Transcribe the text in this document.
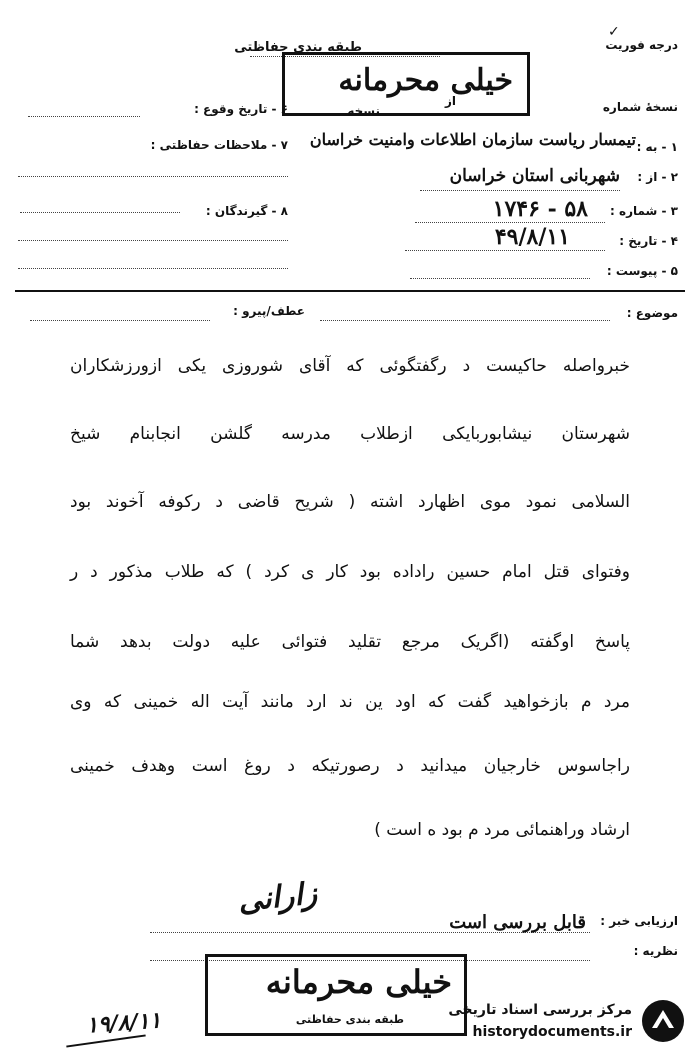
درجه فوریت
✓
طبقه بندی حفاظتی
خیلی محرمانه
نسخهٔ شماره
از
نسخه
۶ - تاریخ وقوع :
۷ - ملاحظات حفاظتی :
۸ - گیرندگان :
۱ - به :
تیمسار ریاست سازمان اطلاعات وامنیت خراسان
۲ - از :
شهربانی استان خراسان
۳ - شماره :
۵۸ - ۱۷۴۶
۴ - تاریخ :
۴۹/۸/۱۱
۵ - پیوست :
موضوع :
عطف/پیرو :
خبرواصله حاکیست د رگفتگوئی که آقای شوروزی یکی ازورزشکاران
شهرستان نیشابوربایکی ازطلاب مدرسه گلشن انجابنام شیخ
السلامی نمود موی اظهارد اشته ( شریح قاضی د رکوفه آخوند بود
وفتوای قتل امام حسین راداده بود کار ی کرد ) که طلاب مذکور د ر
پاسخ اوگفته (اگریک مرجع تقلید فتوائی علیه دولت بدهد شما
مرد م بازخواهید گفت که اود ین ند ارد مانند آیت اله خمینی که وی
راجاسوس خارجیان میدانید د رصورتیکه د روغ است وهدف خمینی
ارشاد وراهنمائی مرد م بود ه است )
زارانی
ارزیابی خبر :
قابل بررسی است
نظریه :
خیلی محرمانه
طبقه بندی حفاظتی
۱۹/۸/۱۱	مرکز بررسی اسناد تاریخی
historydocuments.ir
